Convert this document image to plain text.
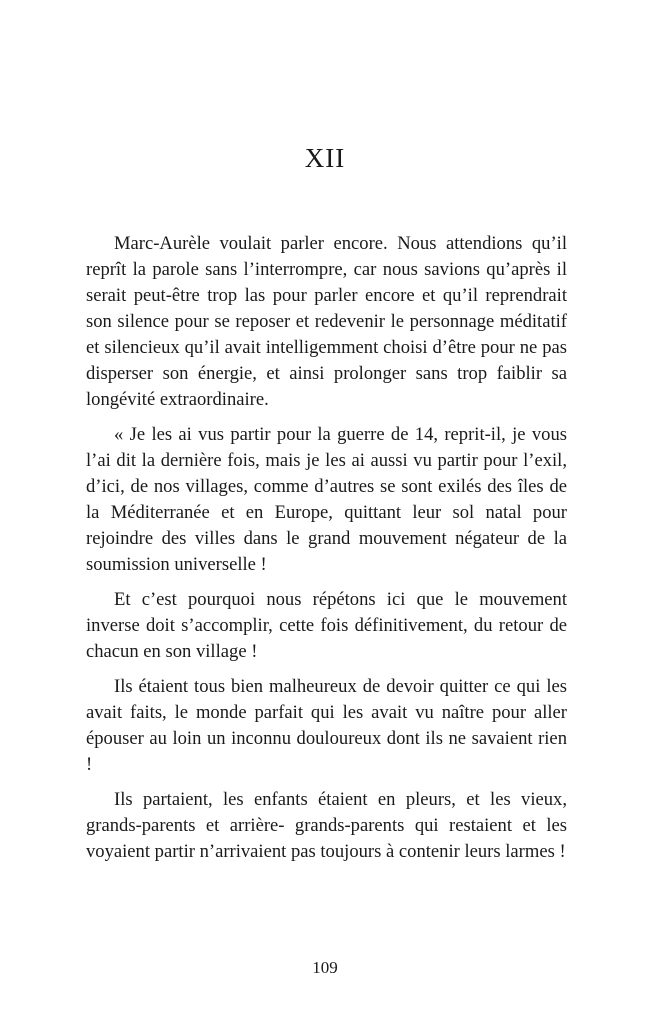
XII

Marc-Aurèle voulait parler encore. Nous attendions qu’il reprît la parole sans l’interrompre, car nous savions qu’après il serait peut-être trop las pour parler encore et qu’il reprendrait son silence pour se reposer et redevenir le personnage méditatif et silencieux qu’il avait intelligemment choisi d’être pour ne pas disperser son énergie, et ainsi prolonger sans trop faiblir sa longévité extraordinaire.

« Je les ai vus partir pour la guerre de 14, reprit-il, je vous l’ai dit la dernière fois, mais je les ai aussi vu partir pour l’exil, d’ici, de nos villages, comme d’autres se sont exilés des îles de la Méditerranée et en Europe, quittant leur sol natal pour rejoindre des villes dans le grand mouvement négateur de la soumission universelle !

Et c’est pourquoi nous répétons ici que le mouvement inverse doit s’accomplir, cette fois définitivement, du retour de chacun en son village !

Ils étaient tous bien malheureux de devoir quitter ce qui les avait faits, le monde parfait qui les avait vu naître pour aller épouser au loin un inconnu douloureux dont ils ne savaient rien !

Ils partaient, les enfants étaient en pleurs, et les vieux, grands-parents et arrière- grands-parents qui restaient et les voyaient partir n’arrivaient pas toujours à contenir leurs larmes !

109
